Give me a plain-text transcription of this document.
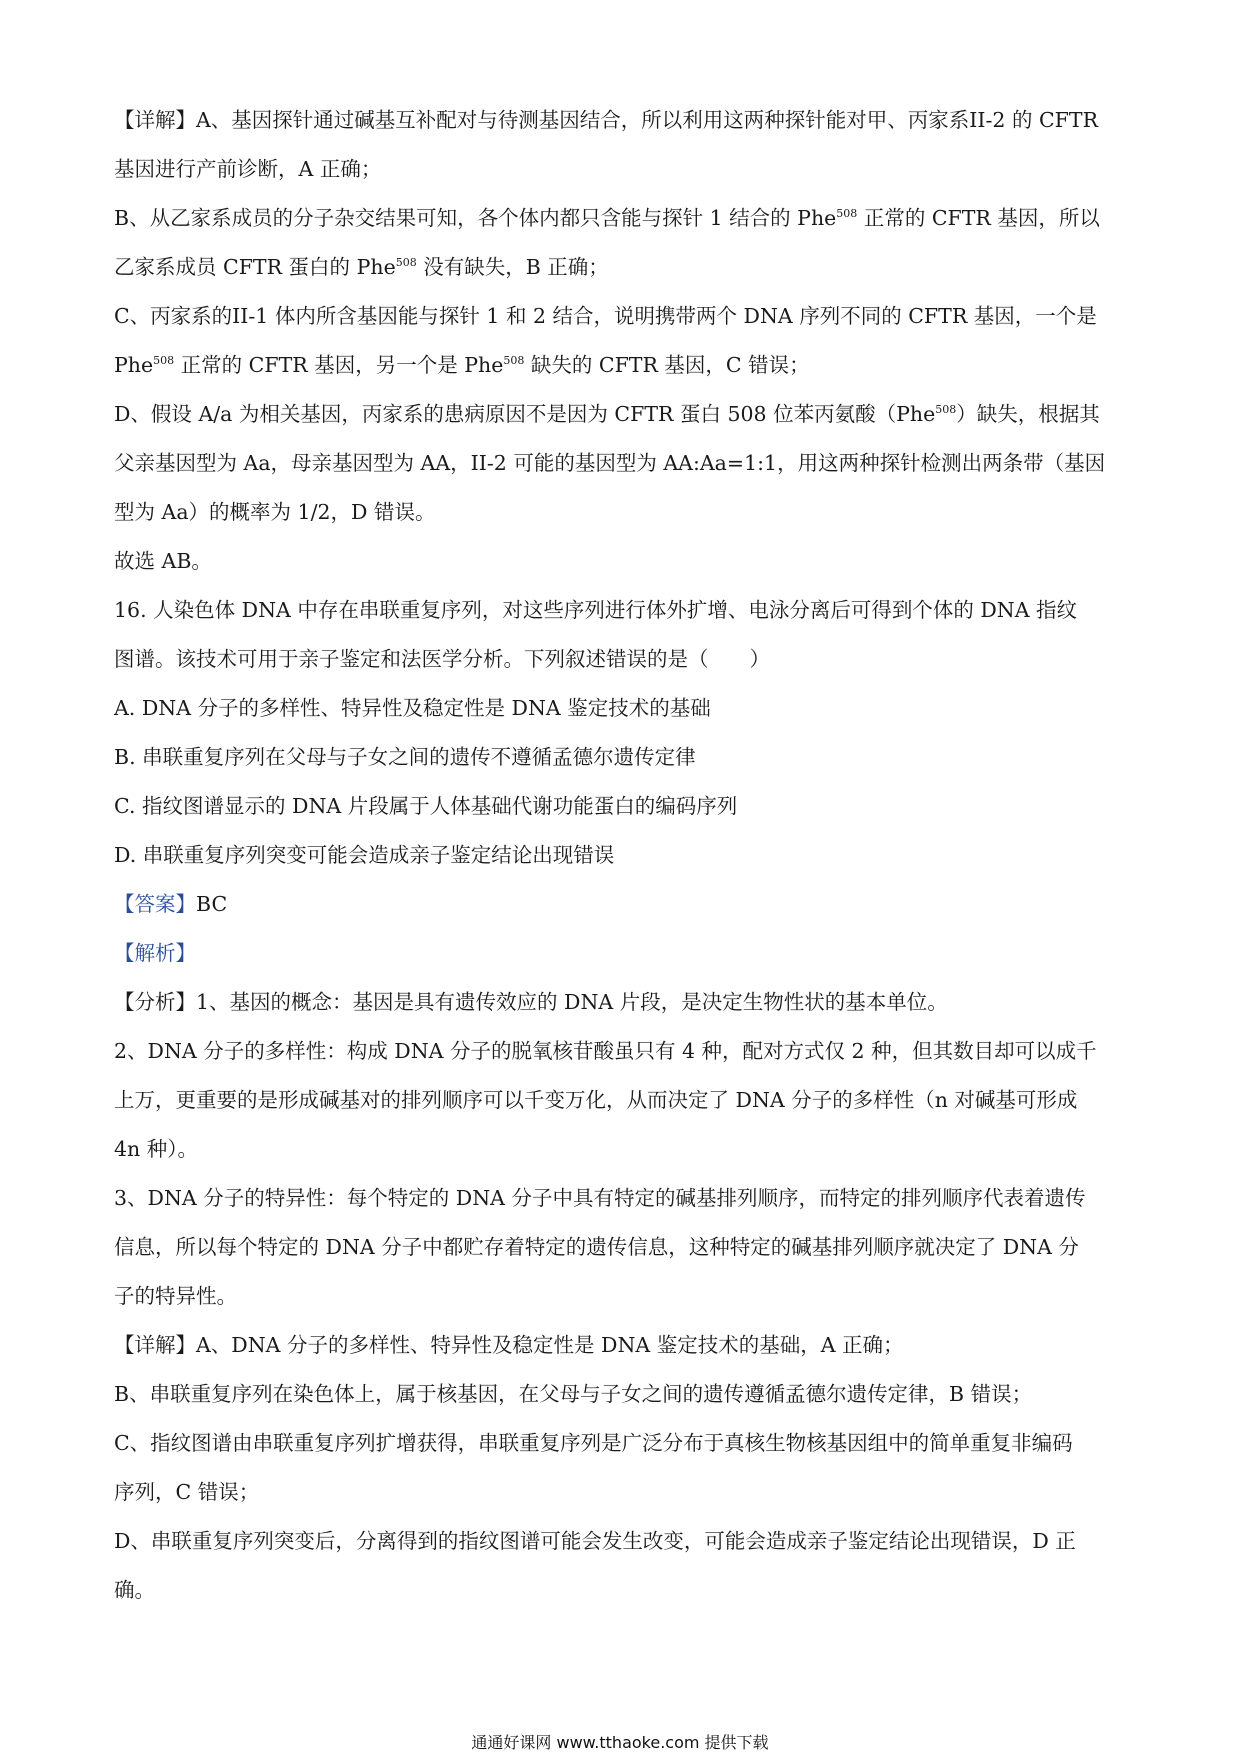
【详解】A、基因探针通过碱基互补配对与待测基因结合，所以利用这两种探针能对甲、丙家系II-2 的 CFTR

基因进行产前诊断，A 正确；

B、从乙家系成员的分子杂交结果可知，各个体内都只含能与探针 1 结合的 Phe$^{508}$ 正常的 CFTR 基因，所以

乙家系成员 CFTR 蛋白的 Phe$^{508}$ 没有缺失，B 正确；

C、丙家系的II-1 体内所含基因能与探针 1 和 2 结合，说明携带两个 DNA 序列不同的 CFTR 基因，一个是

Phe$^{508}$ 正常的 CFTR 基因，另一个是 Phe$^{508}$ 缺失的 CFTR 基因，C 错误；

D、假设 A/a 为相关基因，丙家系的患病原因不是因为 CFTR 蛋白 508 位苯丙氨酸（Phe$^{508}$）缺失，根据其

父亲基因型为 Aa，母亲基因型为 AA，II-2 可能的基因型为 AA:Aa=1:1，用这两种探针检测出两条带（基因

型为 Aa）的概率为 1/2，D 错误。

故选 AB。

16. 人染色体 DNA 中存在串联重复序列，对这些序列进行体外扩增、电泳分离后可得到个体的 DNA 指纹

图谱。该技术可用于亲子鉴定和法医学分析。下列叙述错误的是（　　）

A. DNA 分子的多样性、特异性及稳定性是 DNA 鉴定技术的基础

B. 串联重复序列在父母与子女之间的遗传不遵循孟德尔遗传定律

C. 指纹图谱显示的 DNA 片段属于人体基础代谢功能蛋白的编码序列

D. 串联重复序列突变可能会造成亲子鉴定结论出现错误

【答案】BC

【解析】

【分析】1、基因的概念：基因是具有遗传效应的 DNA 片段，是决定生物性状的基本单位。

2、DNA 分子的多样性：构成 DNA 分子的脱氧核苷酸虽只有 4 种，配对方式仅 2 种，但其数目却可以成千

上万，更重要的是形成碱基对的排列顺序可以千变万化，从而决定了 DNA 分子的多样性（n 对碱基可形成

4n 种）。

3、DNA 分子的特异性：每个特定的 DNA 分子中具有特定的碱基排列顺序，而特定的排列顺序代表着遗传

信息，所以每个特定的 DNA 分子中都贮存着特定的遗传信息，这种特定的碱基排列顺序就决定了 DNA 分

子的特异性。

【详解】A、DNA 分子的多样性、特异性及稳定性是 DNA 鉴定技术的基础，A 正确；

B、串联重复序列在染色体上，属于核基因，在父母与子女之间的遗传遵循孟德尔遗传定律，B 错误；

C、指纹图谱由串联重复序列扩增获得，串联重复序列是广泛分布于真核生物核基因组中的简单重复非编码

序列，C 错误；

D、串联重复序列突变后，分离得到的指纹图谱可能会发生改变，可能会造成亲子鉴定结论出现错误，D 正

确。

通通好课网 www.tthaoke.com 提供下载
